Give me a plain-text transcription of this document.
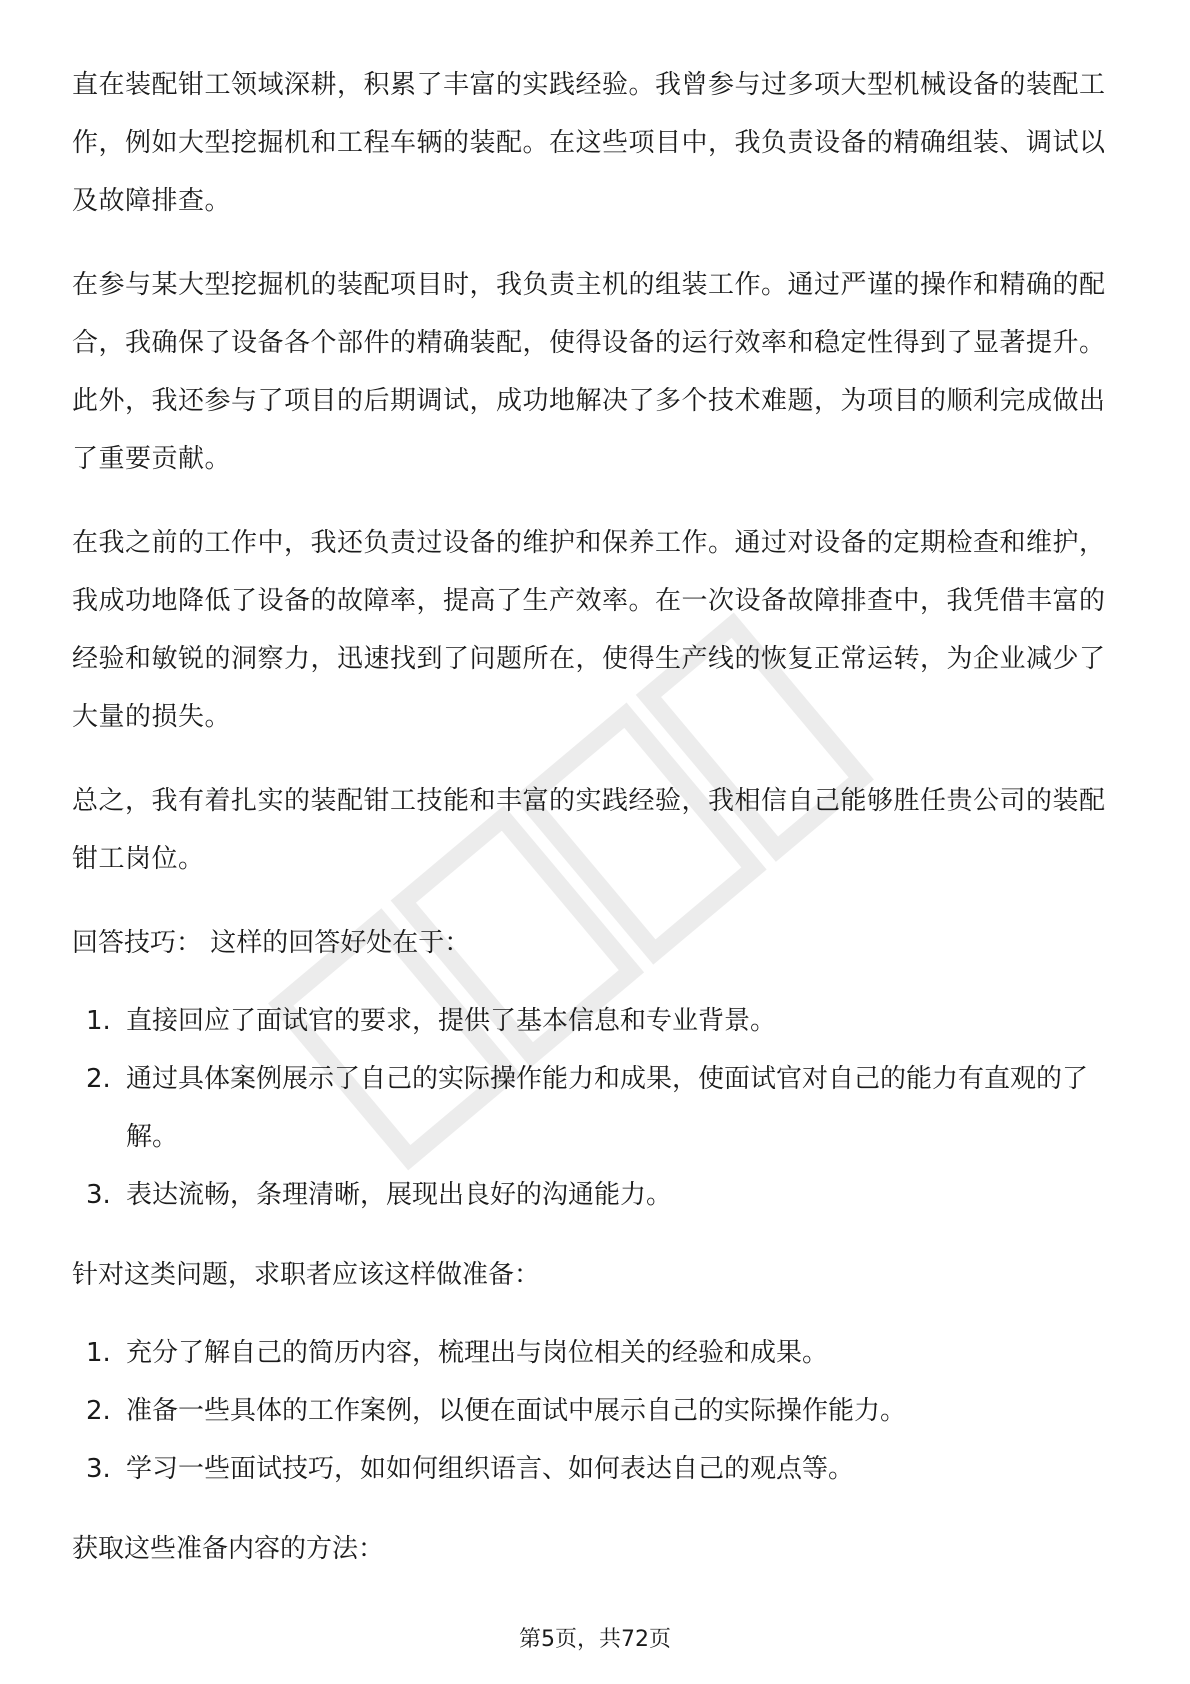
直在装配钳工领域深耕，积累了丰富的实践经验。我曾参与过多项大型机械设备的装配工作，例如大型挖掘机和工程车辆的装配。在这些项目中，我负责设备的精确组装、调试以及故障排查。

在参与某大型挖掘机的装配项目时，我负责主机的组装工作。通过严谨的操作和精确的配合，我确保了设备各个部件的精确装配，使得设备的运行效率和稳定性得到了显著提升。此外，我还参与了项目的后期调试，成功地解决了多个技术难题，为项目的顺利完成做出了重要贡献。

在我之前的工作中，我还负责过设备的维护和保养工作。通过对设备的定期检查和维护，我成功地降低了设备的故障率，提高了生产效率。在一次设备故障排查中，我凭借丰富的经验和敏锐的洞察力，迅速找到了问题所在，使得生产线的恢复正常运转，为企业减少了大量的损失。

总之，我有着扎实的装配钳工技能和丰富的实践经验，我相信自己能够胜任贵公司的装配钳工岗位。

回答技巧： 这样的回答好处在于：
1. 直接回应了面试官的要求，提供了基本信息和专业背景。
2. 通过具体案例展示了自己的实际操作能力和成果，使面试官对自己的能力有直观的了解。
3. 表达流畅，条理清晰，展现出良好的沟通能力。
针对这类问题，求职者应该这样做准备：
1. 充分了解自己的简历内容，梳理出与岗位相关的经验和成果。
2. 准备一些具体的工作案例，以便在面试中展示自己的实际操作能力。
3. 学习一些面试技巧，如如何组织语言、如何表达自己的观点等。
获取这些准备内容的方法：
第5页，共72页
